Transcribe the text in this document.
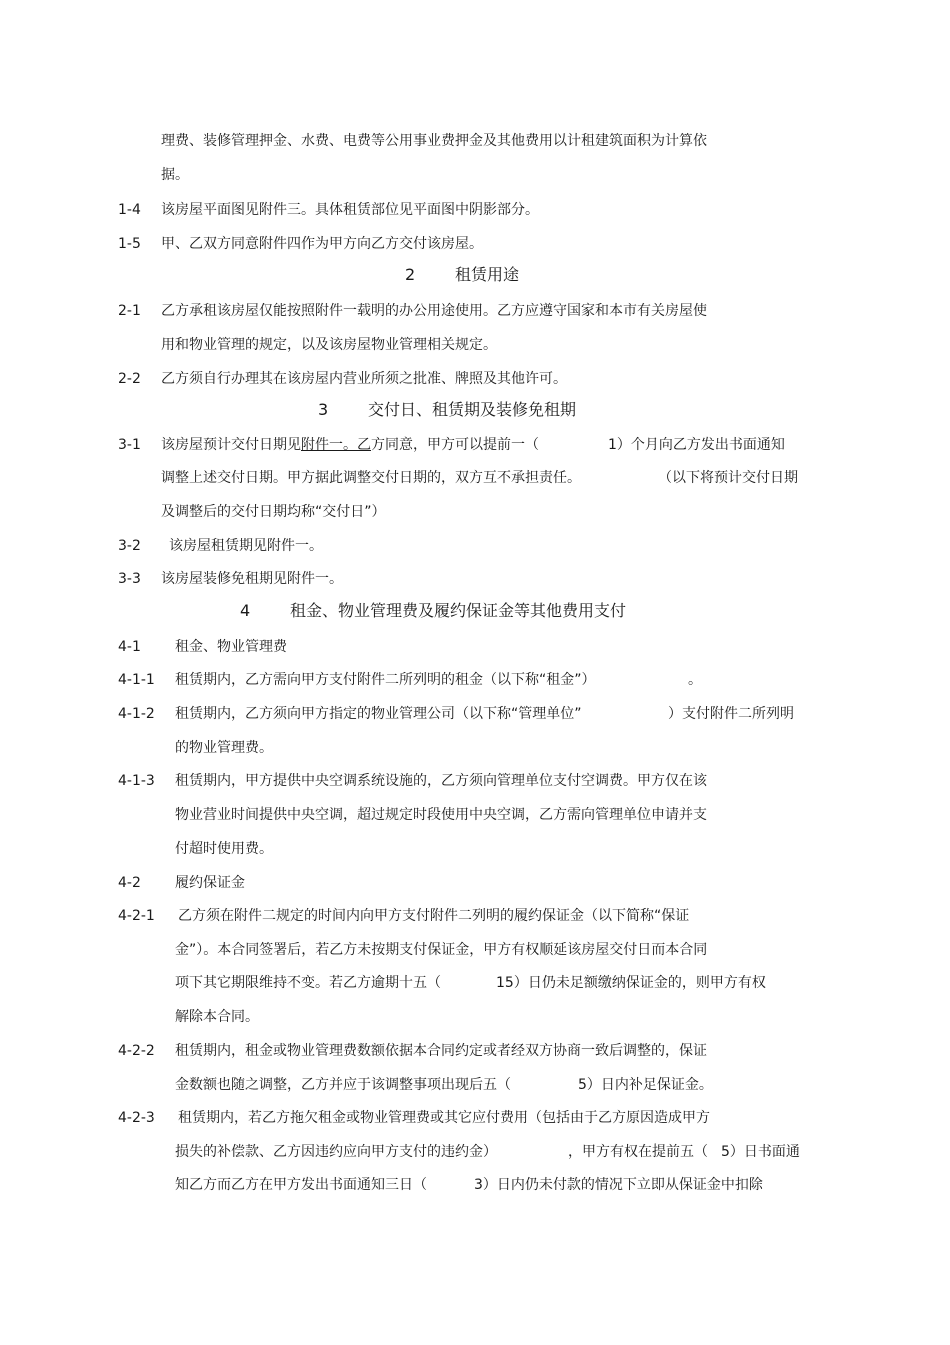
理费、装修管理押金、水费、电费等公用事业费押金及其他费用以计租建筑面积为计算依
据。
1-4 该房屋平面图见附件三。具体租赁部位见平面图中阴影部分。
1-5 甲、乙双方同意附件四作为甲方向乙方交付该房屋。
2 租赁用途
2-1 乙方承租该房屋仅能按照附件一载明的办公用途使用。乙方应遵守国家和本市有关房屋使
用和物业管理的规定，以及该房屋物业管理相关规定。
2-2 乙方须自行办理其在该房屋内营业所须之批准、牌照及其他许可。
3 交付日、租赁期及装修免租期
3-1 该房屋预计交付日期见附件一。乙方同意，甲方可以提前一（	1）个月向乙方发出书面通知
调整上述交付日期。甲方据此调整交付日期的，双方互不承担责任。	（以下将预计交付日期
及调整后的交付日期均称“交付日”）
3-2 该房屋租赁期见附件一。
3-3 该房屋装修免租期见附件一。
4 租金、物业管理费及履约保证金等其他费用支付
4-1 租金、物业管理费
4-1-1 租赁期内，乙方需向甲方支付附件二所列明的租金（以下称“租金”）	。
4-1-2 租赁期内，乙方须向甲方指定的物业管理公司（以下称“管理单位”	）支付附件二所列明
的物业管理费。
4-1-3 租赁期内，甲方提供中央空调系统设施的，乙方须向管理单位支付空调费。甲方仅在该
物业营业时间提供中央空调，超过规定时段使用中央空调，乙方需向管理单位申请并支
付超时使用费。
4-2 履约保证金
4-2-1 乙方须在附件二规定的时间内向甲方支付附件二列明的履约保证金（以下简称“保证
金”）。本合同签署后，若乙方未按期支付保证金，甲方有权顺延该房屋交付日而本合同
项下其它期限维持不变。若乙方逾期十五（	15）日仍未足额缴纳保证金的，则甲方有权
解除本合同。
4-2-2 租赁期内，租金或物业管理费数额依据本合同约定或者经双方协商一致后调整的，保证
金数额也随之调整，乙方并应于该调整事项出现后五（	5）日内补足保证金。
4-2-3 租赁期内，若乙方拖欠租金或物业管理费或其它应付费用（包括由于乙方原因造成甲方
损失的补偿款、乙方因违约应向甲方支付的违约金）	，甲方有权在提前五（ 5）日书面通
知乙方而乙方在甲方发出书面通知三日（	3）日内仍未付款的情况下立即从保证金中扣除
